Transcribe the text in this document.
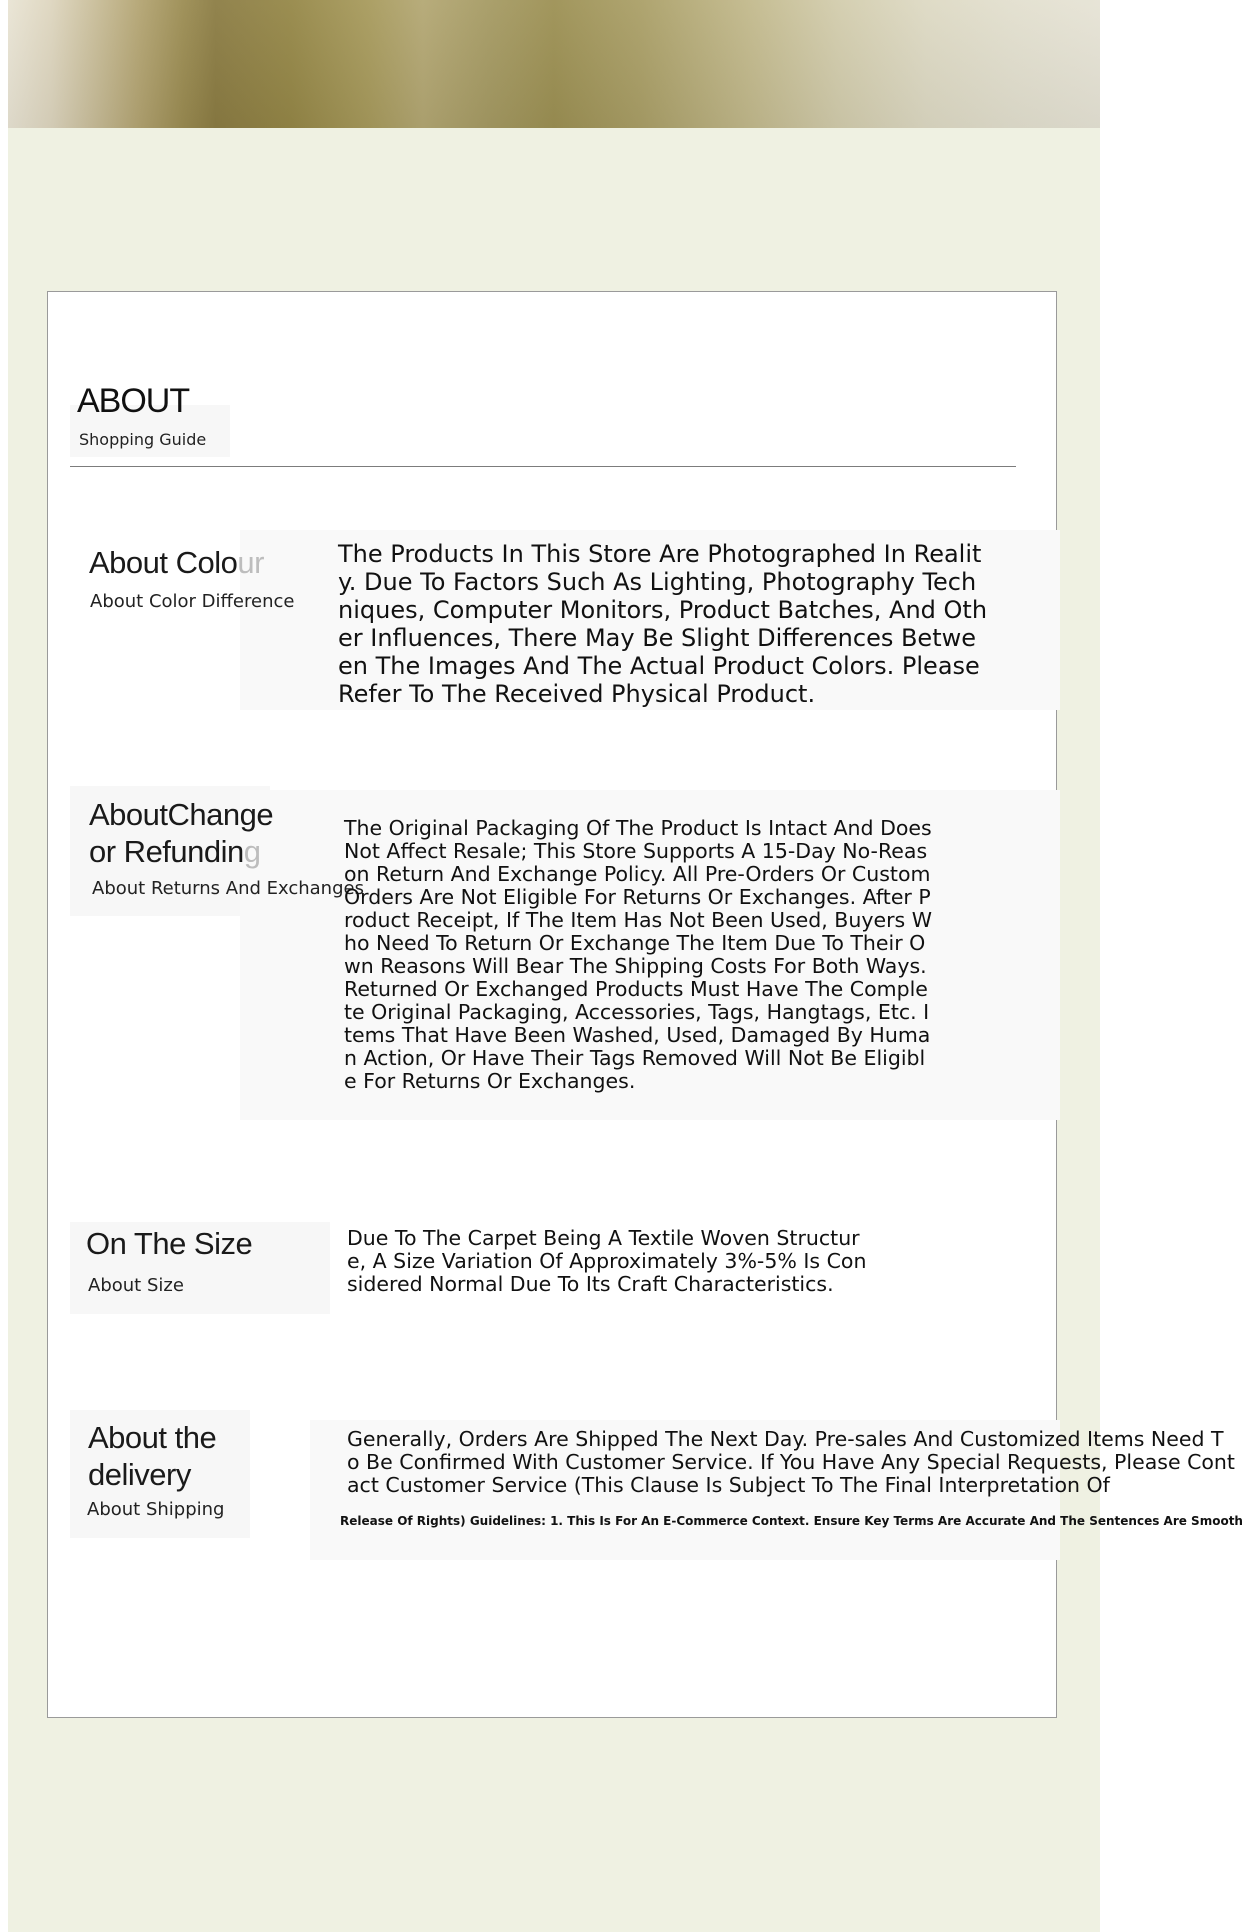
ABOUT
Shopping Guide
About Colour
About Color Difference
The Products In This Store Are Photographed In Reality. Due To Factors Such As Lighting, Photography Techniques, Computer Monitors, Product Batches, And Other Influences, There May Be Slight Differences Between The Images And The Actual Product Colors. Please Refer To The Received Physical Product.
AboutChange
or Refunding
About Returns And Exchanges
The Original Packaging Of The Product Is Intact And Does Not Affect Resale; This Store Supports A 15-Day No-Reason Return And Exchange Policy. All Pre-Orders Or Custom Orders Are Not Eligible For Returns Or Exchanges. After Product Receipt, If The Item Has Not Been Used, Buyers Who Need To Return Or Exchange The Item Due To Their Own Reasons Will Bear The Shipping Costs For Both Ways. Returned Or Exchanged Products Must Have The Complete Original Packaging, Accessories, Tags, Hangtags, Etc. Items That Have Been Washed, Used, Damaged By Human Action, Or Have Their Tags Removed Will Not Be Eligible For Returns Or Exchanges.
On The Size
About Size
Due To The Carpet Being A Textile Woven Structure, A Size Variation Of Approximately 3%-5% Is Considered Normal Due To Its Craft Characteristics.
About the
delivery
About Shipping
Generally, Orders Are Shipped The Next Day. Pre-sales And Customized Items Need T
o Be Confirmed With Customer Service. If You Have Any Special Requests, Please Cont
act Customer Service (This Clause Is Subject To The Final Interpretation Of
Release Of Rights) Guidelines: 1. This Is For An E-Commerce Context. Ensure Key Terms Are Accurate And The Sentences Are Smooth
